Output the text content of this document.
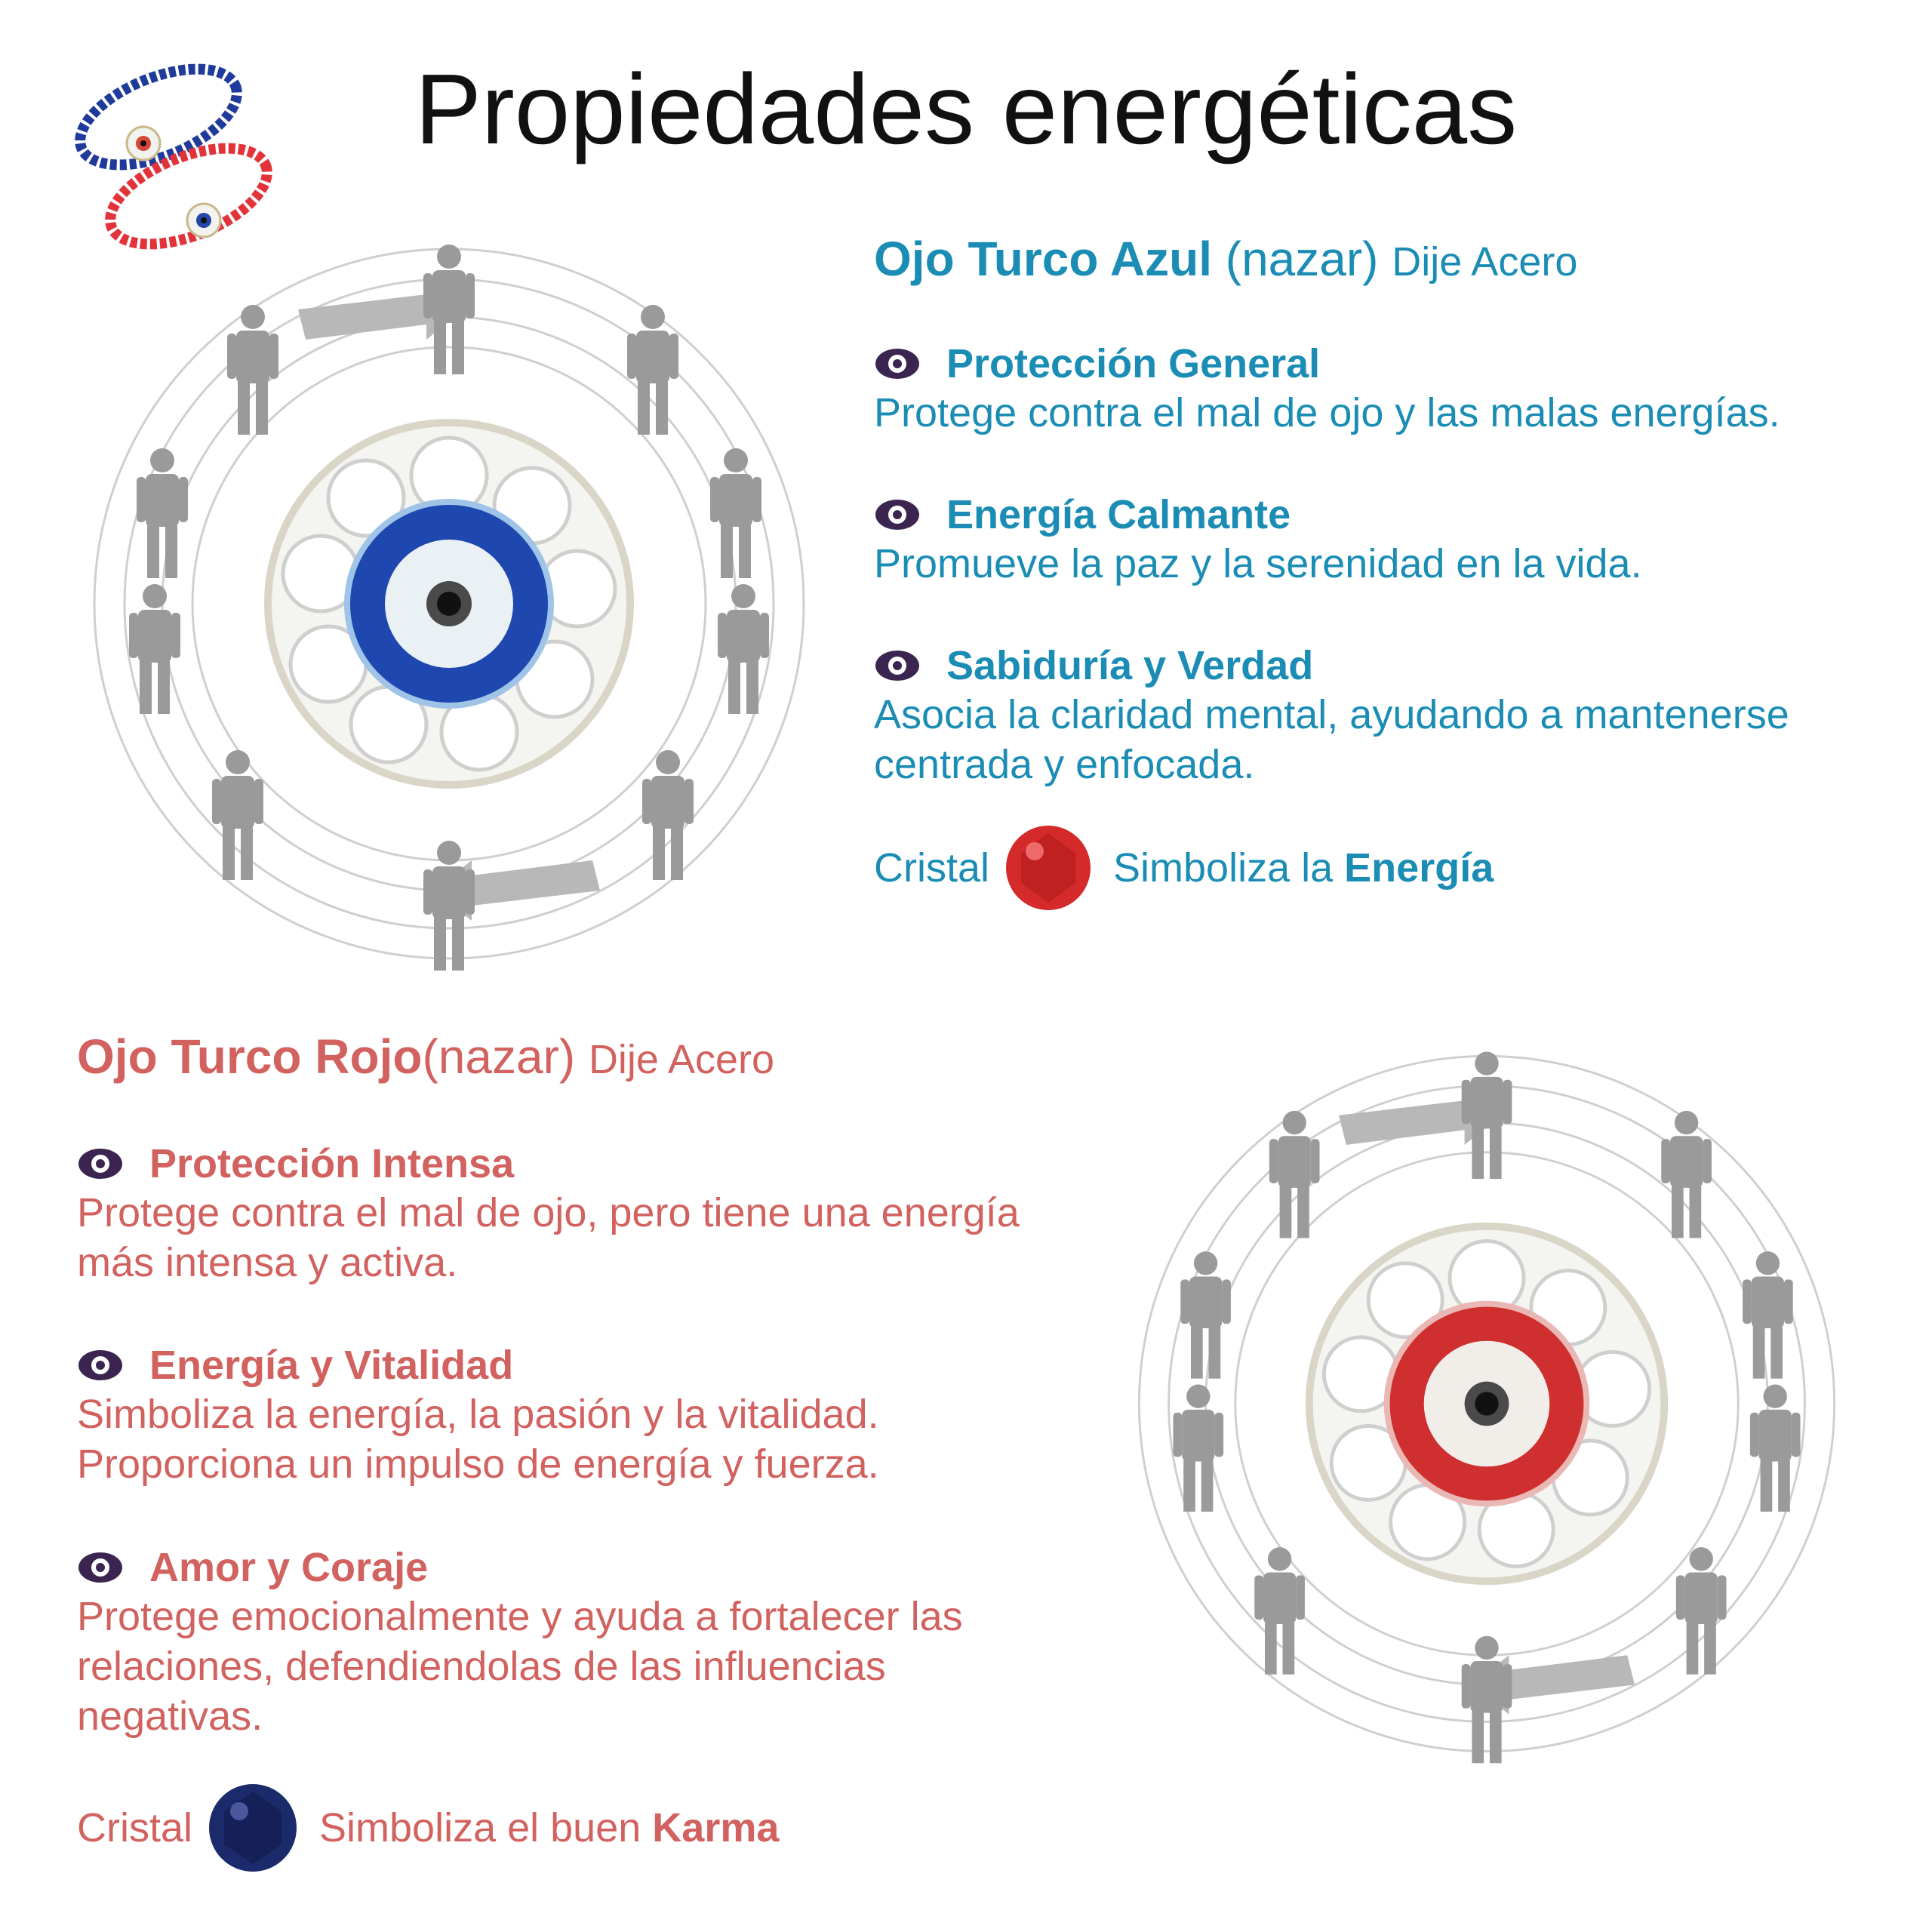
Propiedades energéticas
Ojo Turco Azul (nazar) Dije Acero
Protección General
Protege contra el mal de ojo y las malas energías.
Energía Calmante
Promueve la paz y la serenidad en la vida.
Sabiduría y Verdad
Asocia la claridad mental, ayudando a mantenerse centrada y enfocada.
Cristal	Simboliza la
Energía
Ojo Turco Rojo(nazar) Dije Acero
Protección Intensa
Protege contra el mal de ojo, pero tiene una energía más intensa y activa.
Energía y Vitalidad
Simboliza la energía, la pasión y la vitalidad. Proporciona un impulso de energía y fuerza.
Amor y Coraje
Protege emocionalmente y ayuda a fortalecer las relaciones, defendiendolas de las influencias negativas.
Cristal	Simboliza el buen
Karma
